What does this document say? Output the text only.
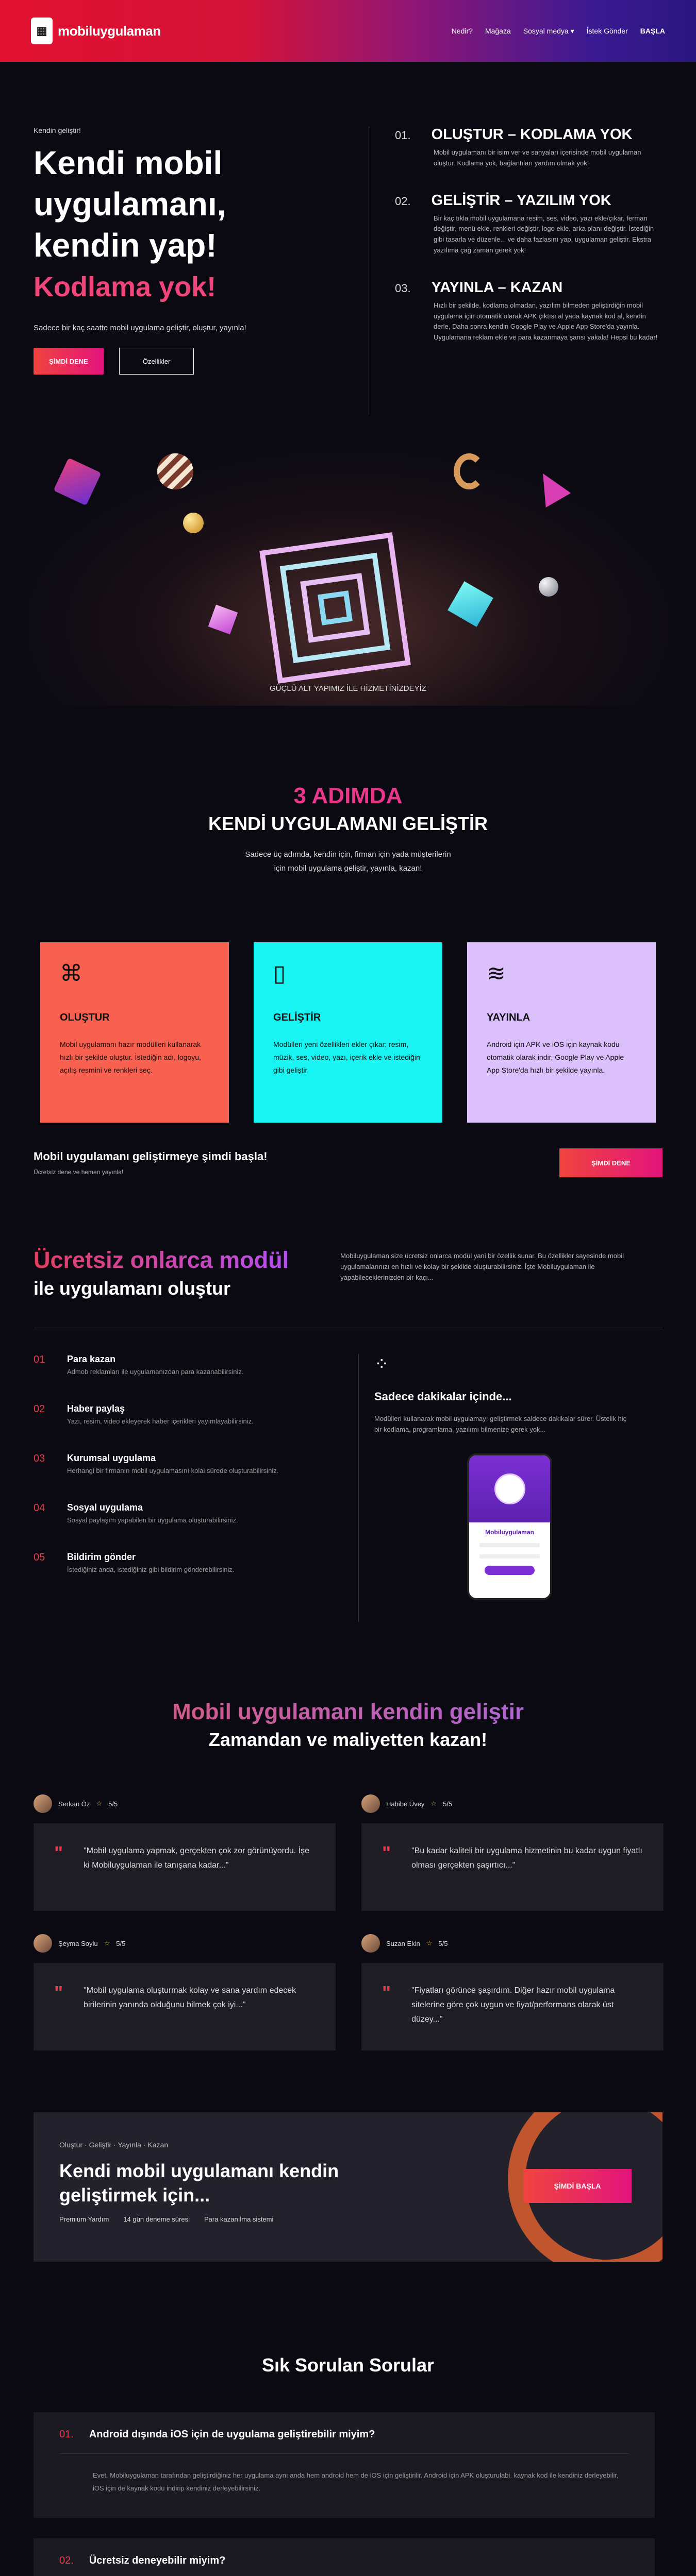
▦ mobiluygulaman	Nedir? Mağaza Sosyal medya ▾ İstek Gönder BAŞLA
Kendin geliştir!
Kendi mobil
uygulamanı,
kendin yap!
Kodlama yok!
Sadece bir kaç saatte mobil uygulama geliştir, oluştur, yayınla!
ŞİMDİ DENE	Özellikler
01. OLUŞTUR – KODLAMA YOK
Mobil uygulamanı bir isim ver ve sanyaları içerisinde mobil uygulaman oluştur. Kodlama yok, bağlantıları yardım olmak yok!
02. GELİŞTİR – YAZILIM YOK
Bir kaç tıkla mobil uygulamana resim, ses, video, yazı ekle/çıkar, ferman değiştir, menü ekle, renkleri değiştir, logo ekle, arka planı değiştir. İstediğin gibi tasarla ve düzenle... ve daha fazlasını yap, uygulaman geliştir. Ekstra yazılıma çağ zaman gerek yok!
03. YAYINLA – KAZAN
Hızlı bir şekilde, kodlama olmadan, yazılım bilmeden geliştirdiğin mobil uygulama için otomatik olarak APK çıktısı al yada kaynak kod al, kendin derle, Daha sonra kendin Google Play ve Apple App Store'da yayınla. Uygulamana reklam ekle ve para kazanmaya şansı yakala! Hepsi bu kadar!
GÜÇLÜ ALT YAPIMIZ İLE HİZMETİNİZDEYİZ
3 ADIMDA
KENDİ UYGULAMANI GELİŞTİR
Sadece üç adımda, kendin için, firman için yada müşterilerin
için mobil uygulama geliştir, yayınla, kazan!
⌘
OLUŞTUR
Mobil uygulamanı hazır modülleri kullanarak hızlı bir şekilde oluştur. İstediğin adı, logoyu, açılış resmini ve renkleri seç.
▯
GELİŞTİR
Modülleri yeni özellikleri ekler çıkar; resim, müzik, ses, video, yazı, içerik ekle ve istediğin gibi geliştir
≋
YAYINLA
Android için APK ve iOS için kaynak kodu otomatik olarak indir, Google Play ve Apple App Store'da hızlı bir şekilde yayınla.
Mobil uygulamanı geliştirmeye şimdi başla!
Ücretsiz dene ve hemen yayınla!
ŞİMDİ DENE
Ücretsiz onlarca modül
ile uygulamanı oluştur
Mobiluygulaman size ücretsiz onlarca modül yani bir özellik sunar. Bu özellikler sayesinde mobil uygulamalarınızı en hızlı ve kolay bir şekilde oluşturabilirsiniz. İşte Mobiluygulaman ile yapabileceklerinizden bir kaçı...
01 Para kazan
Admob reklamları ile uygulamanızdan para kazanabilirsiniz.
02 Haber paylaş
Yazı, resim, video ekleyerek haber içerikleri yayımlayabilirsiniz.
03 Kurumsal uygulama
Herhangi bir firmanın mobil uygulamasını kolai sürede oluşturabilirsiniz.
04 Sosyal uygulama
Sosyal paylaşım yapabilen bir uygulama oluşturabilirsiniz.
05 Bildirim gönder
İstediğiniz anda, istediğiniz gibi bildirim gönderebilirsiniz.
⁘
Sadece dakikalar içinde...
Modülleri kullanarak mobil uygulamayı geliştirmek saldece dakikalar sürer. Üstelik hiç bir kodlama, programlama, yazılımı bilmenize gerek yok...
Mobiluygulaman
Mobil uygulamanı kendin geliştir
Zamandan ve maliyetten kazan!
Serkan Öz ☆ 5/5
"	"Mobil uygulama yapmak, gerçekten çok zor görünüyordu. İşe ki Mobiluygulaman ile tanışana kadar..."
Habibe Üvey ☆ 5/5
"	"Bu kadar kaliteli bir uygulama hizmetinin bu kadar uygun fiyatlı olması gerçekten şaşırtıcı..."
Şeyma Soylu ☆ 5/5
"	"Mobil uygulama oluşturmak kolay ve sana yardım edecek birilerinin yanında olduğunu bilmek çok iyi..."
Suzan Ekin ☆ 5/5
"	"Fiyatları görünce şaşırdım. Diğer hazır mobil uygulama sitelerine göre çok uygun ve fiyat/performans olarak üst düzey..."
Oluştur · Geliştir · Yayınla · Kazan
Kendi mobil uygulamanı kendin geliştirmek için...
Premium Yardım 14 gün deneme süresi Para kazanılma sistemi
ŞİMDİ BAŞLA
Sık Sorulan Sorular
01. Android dışında iOS için de uygulama geliştirebilir miyim?
Evet. Mobiluygulaman tarafından geliştirdiğiniz her uygulama aynı anda hem android hem de iOS için geliştirilir. Android için APK oluşturulabi. kaynak kod ile kendiniz derleyebilir, iOS için de kaynak kodu indirip kendiniz derleyebilirsiniz.
02. Ücretsiz deneyebilir miyim?
